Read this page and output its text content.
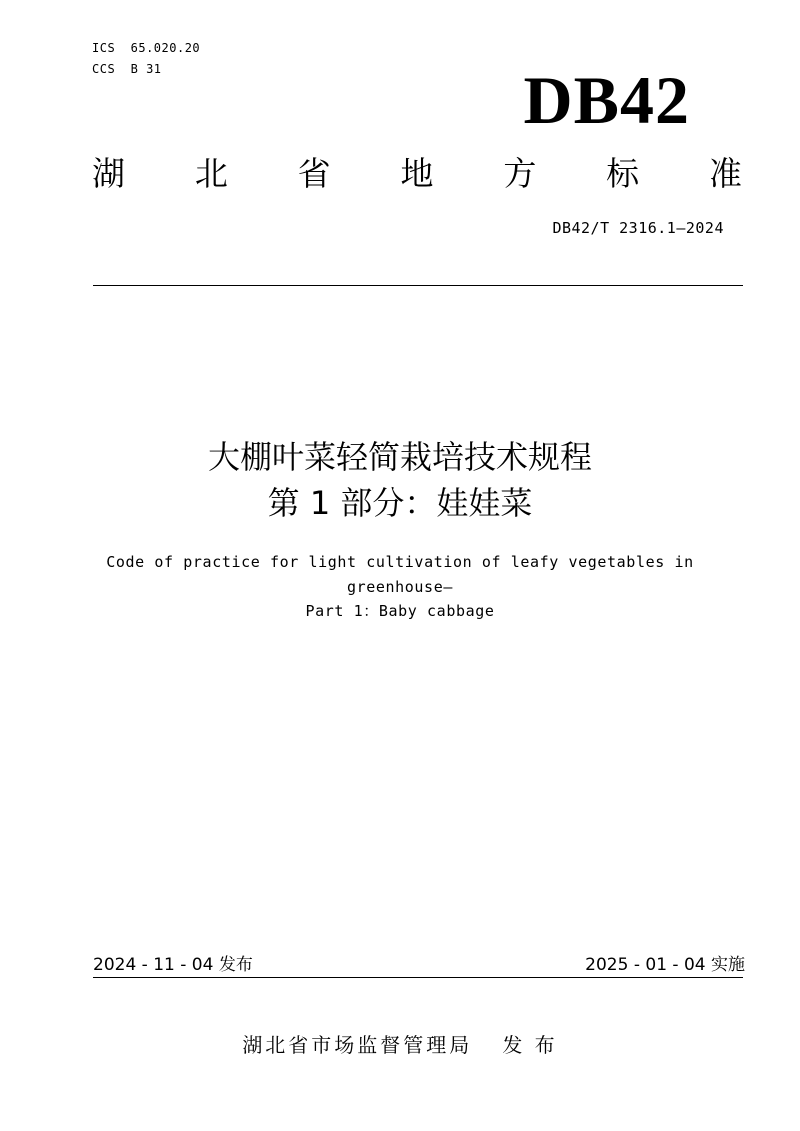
ICS  65.020.20
CCS  B 31	DB42
湖 北 省 地 方 标 准
DB42/T 2316.1—2024
大棚叶菜轻简栽培技术规程
第 1 部分：娃娃菜
Code of practice for light cultivation of leafy vegetables in
greenhouse—
Part 1：Baby cabbage
2024 - 11 - 04 发布	2025 - 01 - 04 实施
湖北省市场监督管理局 发 布
